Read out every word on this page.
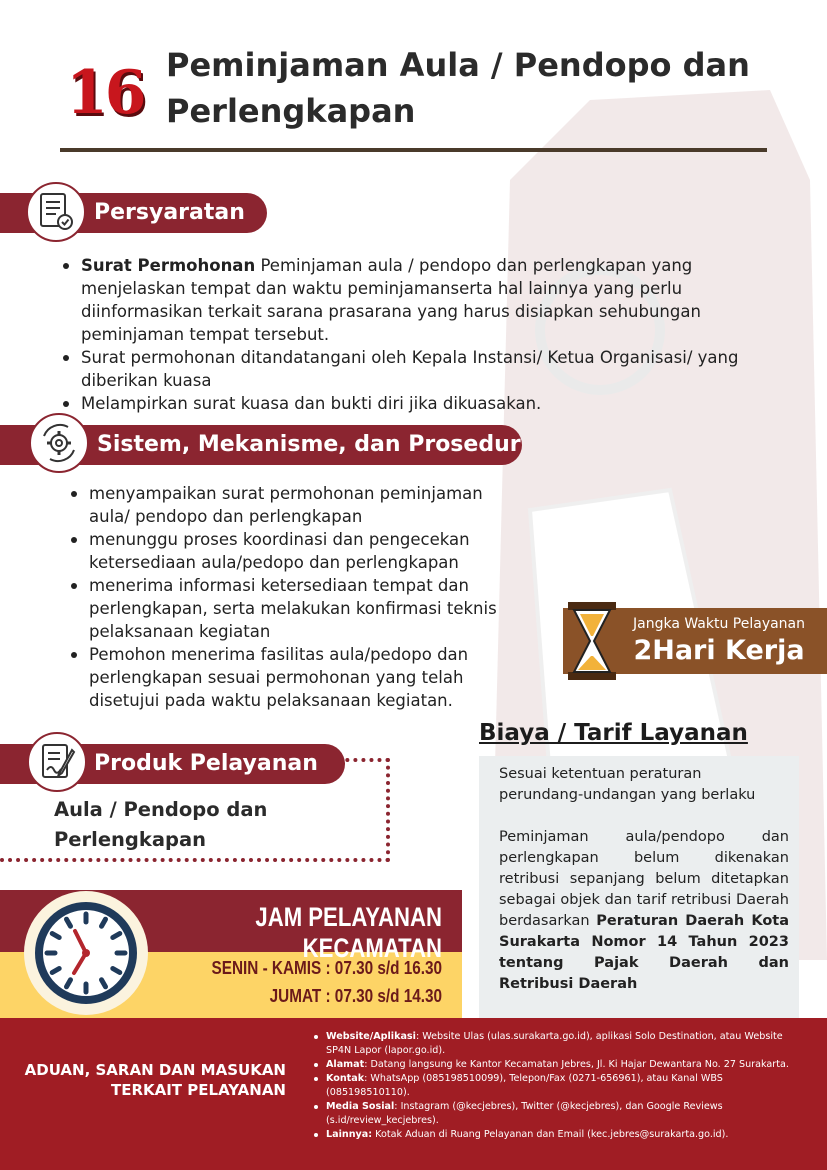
16 Peminjaman Aula / Pendopo dan Perlengkapan
Persyaratan
Surat Permohonan Peminjaman aula / pendopo dan perlengkapan yang menjelaskan tempat dan waktu peminjamanserta hal lainnya yang perlu diinformasikan terkait sarana prasarana yang harus disiapkan sehubungan peminjaman tempat tersebut.
Surat permohonan ditandatangani oleh Kepala Instansi/ Ketua Organisasi/ yang diberikan kuasa
Melampirkan surat kuasa dan bukti diri jika dikuasakan.
Sistem, Mekanisme, dan Prosedur
menyampaikan surat permohonan peminjaman aula/ pendopo dan perlengkapan
menunggu proses koordinasi dan pengecekan ketersediaan aula/pedopo dan perlengkapan
menerima informasi ketersediaan tempat dan perlengkapan, serta melakukan konfirmasi teknis pelaksanaan kegiatan
Pemohon menerima fasilitas aula/pedopo dan perlengkapan sesuai permohonan yang telah disetujui pada waktu pelaksanaan kegiatan.
Jangka Waktu Pelayanan
2Hari Kerja
Biaya / Tarif Layanan

Sesuai ketentuan peraturan perundang-undangan yang berlaku

Peminjaman aula/pendopo dan perlengkapan belum dikenakan retribusi sepanjang belum ditetapkan sebagai objek dan tarif retribusi Daerah berdasarkan Peraturan Daerah Kota Surakarta Nomor 14 Tahun 2023 tentang Pajak Daerah dan Retribusi Daerah

Produk Pelayanan
Aula / Pendopo dan Perlengkapan
JAM PELAYANAN KECAMATAN
SENIN - KAMIS : 07.30 s/d 16.30
JUMAT : 07.30 s/d 14.30
ADUAN, SARAN DAN MASUKAN TERKAIT PELAYANAN
Website/Aplikasi: Website Ulas (ulas.surakarta.go.id), aplikasi Solo Destination, atau Website SP4N Lapor (lapor.go.id).
Alamat: Datang langsung ke Kantor Kecamatan Jebres, Jl. Ki Hajar Dewantara No. 27 Surakarta.
Kontak: WhatsApp (085198510099), Telepon/Fax (0271-656961), atau Kanal WBS (085198510110).
Media Sosial: Instagram (@kecjebres), Twitter (@kecjebres), dan Google Reviews (s.id/review_kecjebres).
Lainnya: Kotak Aduan di Ruang Pelayanan dan Email (kec.jebres@surakarta.go.id).
